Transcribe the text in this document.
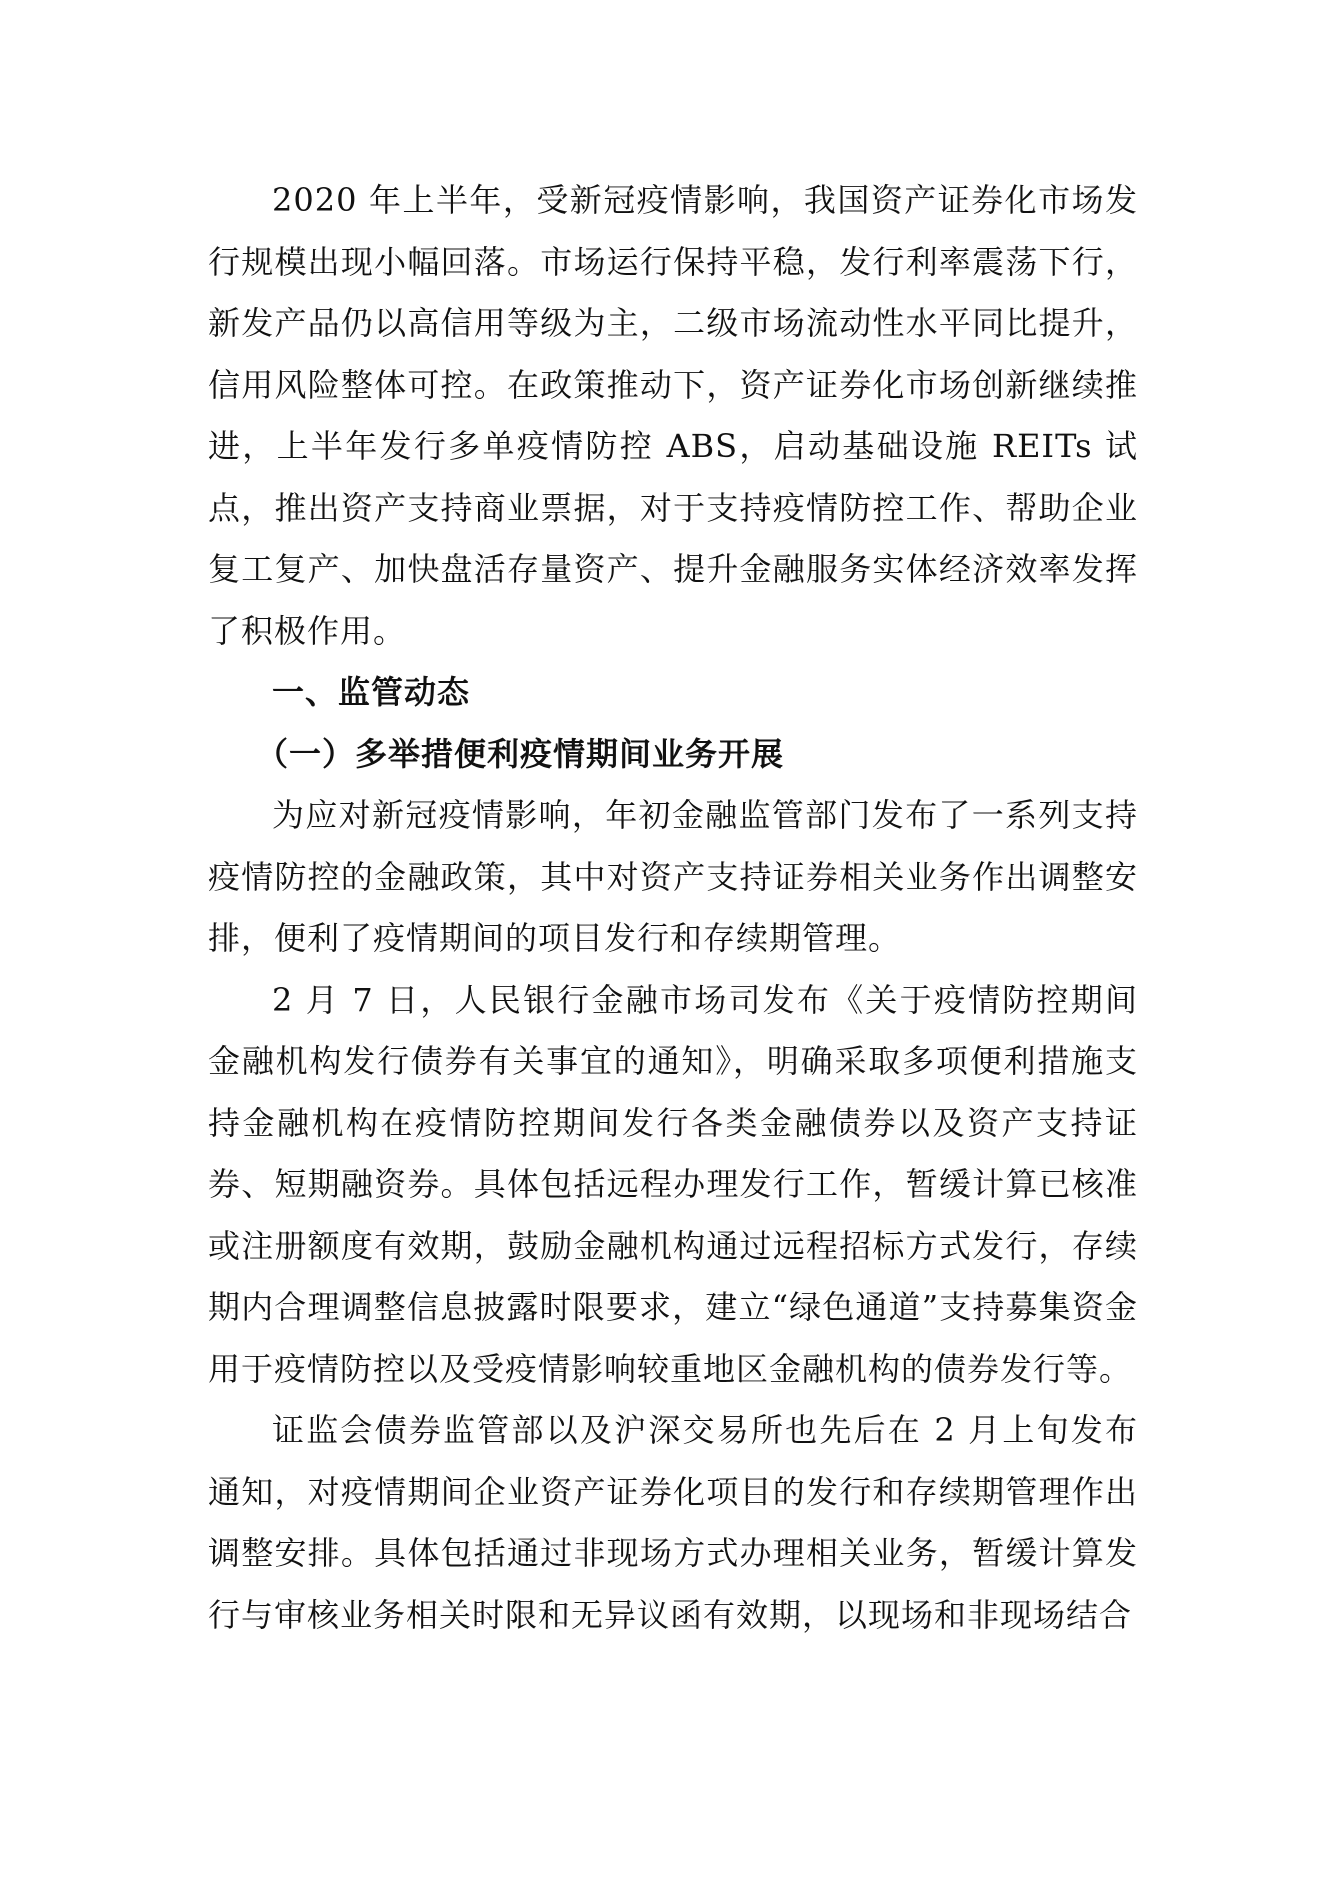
2020 年上半年，受新冠疫情影响，我国资产证券化市场发行规模出现小幅回落。市场运行保持平稳，发行利率震荡下行，新发产品仍以高信用等级为主，二级市场流动性水平同比提升，信用风险整体可控。在政策推动下，资产证券化市场创新继续推进，上半年发行多单疫情防控 ABS，启动基础设施 REITs 试点，推出资产支持商业票据，对于支持疫情防控工作、帮助企业复工复产、加快盘活存量资产、提升金融服务实体经济效率发挥了积极作用。

一、监管动态

（一）多举措便利疫情期间业务开展

为应对新冠疫情影响，年初金融监管部门发布了一系列支持疫情防控的金融政策，其中对资产支持证券相关业务作出调整安排，便利了疫情期间的项目发行和存续期管理。

2 月 7 日，人民银行金融市场司发布《关于疫情防控期间金融机构发行债券有关事宜的通知》，明确采取多项便利措施支持金融机构在疫情防控期间发行各类金融债券以及资产支持证券、短期融资券。具体包括远程办理发行工作，暂缓计算已核准或注册额度有效期，鼓励金融机构通过远程招标方式发行，存续期内合理调整信息披露时限要求，建立“绿色通道”支持募集资金用于疫情防控以及受疫情影响较重地区金融机构的债券发行等。

证监会债券监管部以及沪深交易所也先后在 2 月上旬发布通知，对疫情期间企业资产证券化项目的发行和存续期管理作出调整安排。具体包括通过非现场方式办理相关业务，暂缓计算发行与审核业务相关时限和无异议函有效期，以现场和非现场结合
